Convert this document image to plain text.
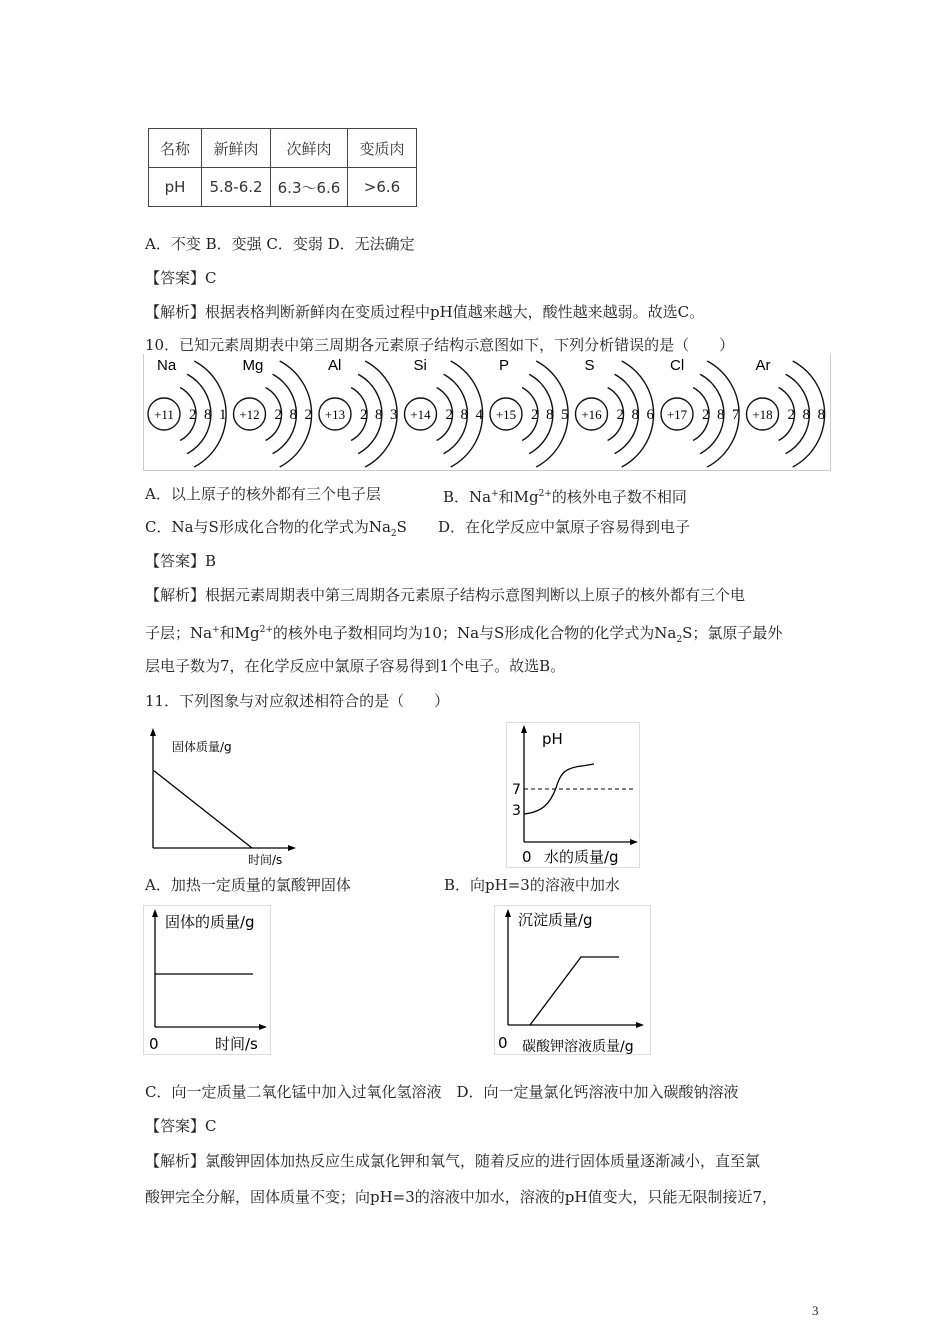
名称	新鲜肉	次鲜肉	变质肉
pH	5.8-6.2	6.3～6.6	>6.6
A．不变 B．变强 C．变弱 D．无法确定
【答案】C
【解析】根据表格判断新鲜肉在变质过程中pH值越来越大，酸性越来越弱。故选C。
10．已知元素周期表中第三周期各元素原子结构示意图如下，下列分析错误的是（　　）
Na
+11 2 8 1
Mg
+12 2 8 2
Al
+13 2 8 3
Si
+14 2 8 4
P
+15 2 8 5
S
+16 2 8 6
Cl
+17 2 8 7
Ar
+18 2 8 8
A．以上原子的核外都有三个电子层	B．Na+和$Mg^{2+}$的核外电子数不相同
C．Na与S形成化合物的化学式为$Na_2S$ D．在化学反应中氯原子容易得到电子
【答案】B
【解析】根据元素周期表中第三周期各元素原子结构示意图判断以上原子的核外都有三个电
子层；Na+和$Mg^{2+}$的核外电子数相同均为10；Na与S形成化合物的化学式为$Na_2S$；氯原子最外
层电子数为7，在化学反应中氯原子容易得到1个电子。故选B。
11．下列图象与对应叙述相符合的是（　　）
固体质量/g
时间/s
pH
7
3
0 水的质量/g
A．加热一定质量的氯酸钾固体	B．向pH=3的溶液中加水
固体的质量/g
0	时间/s
沉淀质量/g
0 碳酸钾溶液质量/g
C．向一定质量二氧化锰中加入过氧化氢溶液　D．向一定量氯化钙溶液中加入碳酸钠溶液
【答案】C
【解析】氯酸钾固体加热反应生成氯化钾和氧气，随着反应的进行固体质量逐渐减小，直至氯
酸钾完全分解，固体质量不变；向pH=3的溶液中加水，溶液的pH值变大，只能无限制接近7，
3
